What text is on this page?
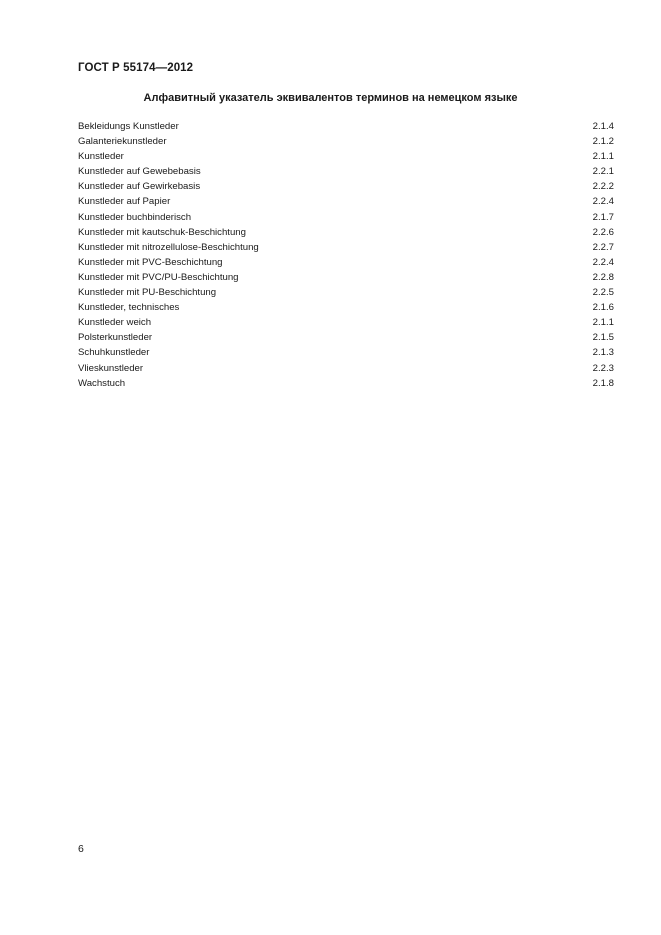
ГОСТ Р 55174—2012
Алфавитный указатель эквивалентов терминов на немецком языке
Bekleidungs Kunstleder	2.1.4
Galanteriekunstleder	2.1.2
Kunstleder	2.1.1
Kunstleder auf Gewebebasis	2.2.1
Kunstleder auf Gewirkebasis	2.2.2
Kunstleder auf Papier	2.2.4
Kunstleder buchbinderisch	2.1.7
Kunstleder mit kautschuk-Beschichtung	2.2.6
Kunstleder mit nitrozellulose-Beschichtung	2.2.7
Kunstleder mit PVC-Beschichtung	2.2.4
Kunstleder mit PVC/PU-Beschichtung	2.2.8
Kunstleder mit PU-Beschichtung	2.2.5
Kunstleder, technisches	2.1.6
Kunstleder weich	2.1.1
Polsterkunstleder	2.1.5
Schuhkunstleder	2.1.3
Vlieskunstleder	2.2.3
Wachstuch	2.1.8
6
